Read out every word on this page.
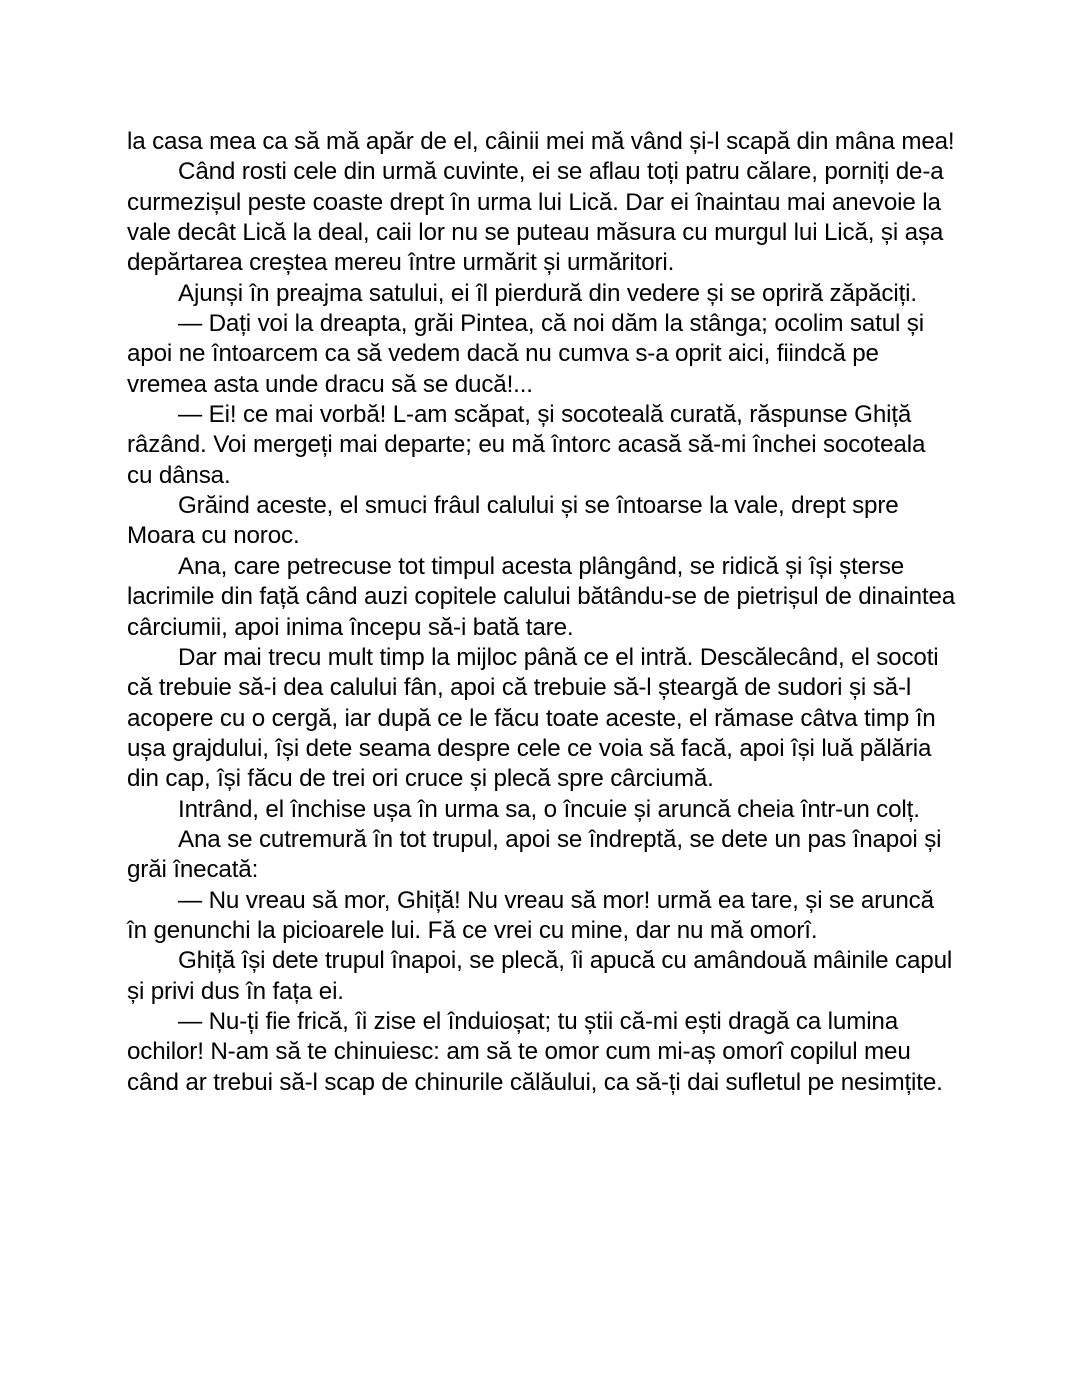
la casa mea ca să mă apăr de el, câinii mei mă vând și-l scapă din mâna mea!

Când rosti cele din urmă cuvinte, ei se aflau toți patru călare, porniți de-a curmezișul peste coaste drept în urma lui Lică. Dar ei înaintau mai anevoie la vale decât Lică la deal, caii lor nu se puteau măsura cu murgul lui Lică, și așa depărtarea creștea mereu între urmărit și urmăritori.

Ajunși în preajma satului, ei îl pierdură din vedere și se opriră zăpăciți.

— Dați voi la dreapta, grăi Pintea, că noi dăm la stânga; ocolim satul și apoi ne întoarcem ca să vedem dacă nu cumva s-a oprit aici, fiindcă pe vremea asta unde dracu să se ducă!...

— Ei! ce mai vorbă! L-am scăpat, și socoteală curată, răspunse Ghiță râzând. Voi mergeți mai departe; eu mă întorc acasă să-mi închei socoteala cu dânsa.

Grăind aceste, el smuci frâul calului și se întoarse la vale, drept spre Moara cu noroc.

Ana, care petrecuse tot timpul acesta plângând, se ridică și își șterse lacrimile din față când auzi copitele calului bătându-se de pietrișul de dinaintea cârciumii, apoi inima începu să-i bată tare.

Dar mai trecu mult timp la mijloc până ce el intră. Descălecând, el socoti că trebuie să-i dea calului fân, apoi că trebuie să-l șteargă de sudori și să-l acopere cu o cergă, iar după ce le făcu toate aceste, el rămase câtva timp în ușa grajdului, își dete seama despre cele ce voia să facă, apoi își luă pălăria din cap, își făcu de trei ori cruce și plecă spre cârciumă.

Intrând, el închise ușa în urma sa, o încuie și aruncă cheia într-un colț.

Ana se cutremură în tot trupul, apoi se îndreptă, se dete un pas înapoi și grăi înecată:

— Nu vreau să mor, Ghiță! Nu vreau să mor! urmă ea tare, și se aruncă în genunchi la picioarele lui. Fă ce vrei cu mine, dar nu mă omorî.

Ghiță își dete trupul înapoi, se plecă, îi apucă cu amândouă mâinile capul și privi dus în fața ei.

— Nu-ți fie frică, îi zise el înduioșat; tu știi că-mi ești dragă ca lumina ochilor! N-am să te chinuiesc: am să te omor cum mi-aș omorî copilul meu când ar trebui să-l scap de chinurile călăului, ca să-ți dai sufletul pe nesimțite.
